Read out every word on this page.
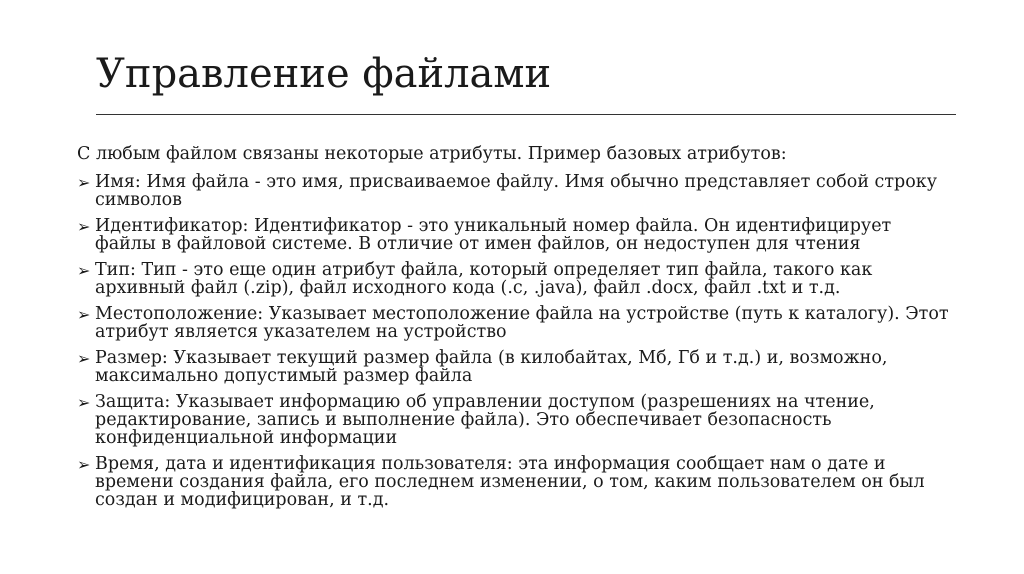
Управление файлами

С любым файлом связаны некоторые атрибуты. Пример базовых атрибутов:

➢ Имя: Имя файла - это имя, присваиваемое файлу. Имя обычно представляет собой строку символов
➢ Идентификатор: Идентификатор - это уникальный номер файла. Он идентифицирует файлы в файловой системе. В отличие от имен файлов, он недоступен для чтения
➢ Тип: Тип - это еще один атрибут файла, который определяет тип файла, такого как архивный файл (.zip), файл исходного кода (.c, .java), файл .docx, файл .txt и т.д.
➢ Местоположение: Указывает местоположение файла на устройстве (путь к каталогу). Этот атрибут является указателем на устройство
➢ Размер: Указывает текущий размер файла (в килобайтах, Мб, Гб и т.д.) и, возможно, максимально допустимый размер файла
➢ Защита: Указывает информацию об управлении доступом (разрешениях на чтение, редактирование, запись и выполнение файла). Это обеспечивает безопасность конфиденциальной информации
➢ Время, дата и идентификация пользователя: эта информация сообщает нам о дате и времени создания файла, его последнем изменении, о том, каким пользователем он был создан и модифицирован, и т.д.
